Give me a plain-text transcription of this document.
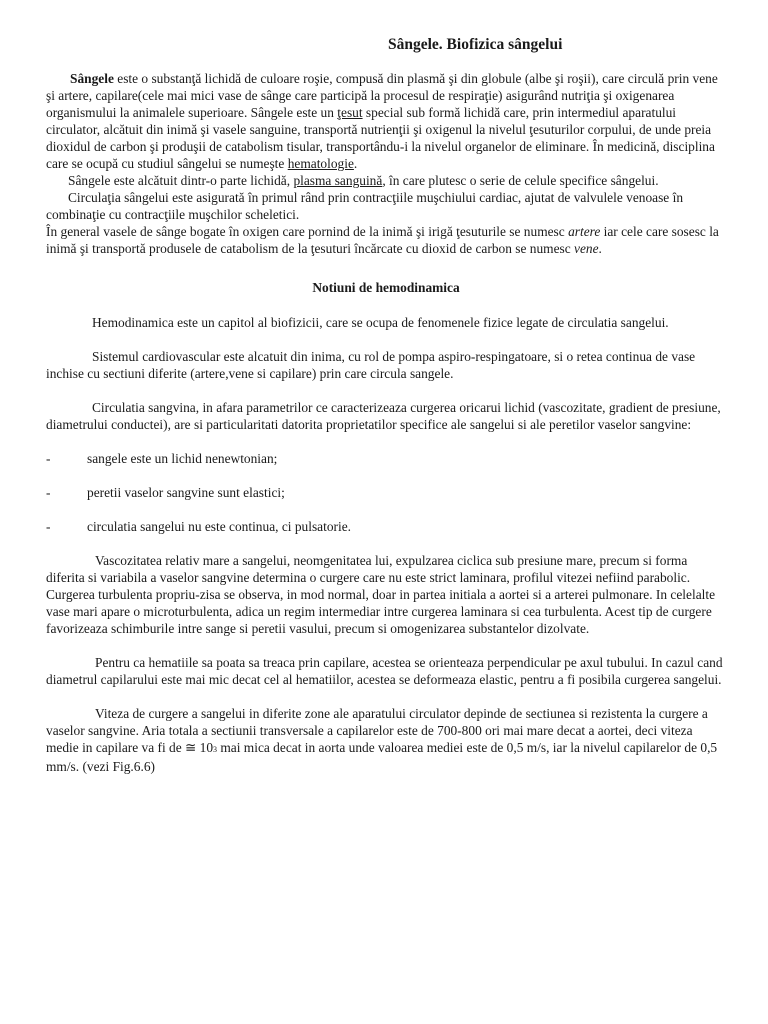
Sângele. Biofizica sângelui

Sângele este o substanţă lichidă de culoare roşie, compusă din plasmă şi din globule (albe şi roşii), care circulă prin vene şi artere, capilare(cele mai mici vase de sânge care participă la procesul de respiraţie) asigurând nutriţia şi oxigenarea organismului la animalele superioare. Sângele este un ţesut special sub formă lichidă care, prin intermediul aparatului circulator, alcătuit din inimă şi vasele sanguine, transportă nutrienţii şi oxigenul la nivelul ţesuturilor corpului, de unde preia dioxidul de carbon şi produşii de catabolism tisular, transportându-i la nivelul organelor de eliminare. În medicină, disciplina care se ocupă cu studiul sângelui se numeşte hematologie.

Sângele este alcătuit dintr-o parte lichidă, plasma sanguină, în care plutesc o serie de celule specifice sângelui.

Circulaţia sângelui este asigurată în primul rând prin contracţiile muşchiului cardiac, ajutat de valvulele venoase în combinaţie cu contracţiile muşchilor scheletici.

În general vasele de sânge bogate în oxigen care pornind de la inimă şi irigă ţesuturile se numesc artere iar cele care sosesc la inimă şi transportă produsele de catabolism de la ţesuturi încărcate cu dioxid de carbon se numesc vene.

Notiuni de hemodinamica

Hemodinamica este un capitol al biofizicii, care se ocupa de fenomenele fizice legate de circulatia sangelui.

Sistemul cardiovascular este alcatuit din inima, cu rol de pompa aspiro-respingatoare, si o retea continua de vase inchise cu sectiuni diferite (artere,vene si capilare) prin care circula sangele.

Circulatia sangvina, in afara parametrilor ce caracterizeaza curgerea oricarui lichid (vascozitate, gradient de presiune, diametrului conductei), are si particularitati datorita proprietatilor specifice ale sangelui si ale peretilor vaselor sangvine:

-	sangele este un lichid nenewtonian;
-	peretii vaselor sangvine sunt elastici;
-	circulatia sangelui nu este continua, ci pulsatorie.

Vascozitatea relativ mare a sangelui, neomgenitatea lui, expulzarea ciclica sub presiune mare, precum si forma diferita si variabila a vaselor sangvine determina o curgere care nu este strict laminara, profilul vitezei nefiind parabolic. Curgerea turbulenta propriu-zisa se observa, in mod normal, doar in partea initiala a aortei si a arterei pulmonare. In celelalte vase mari apare o microturbulenta, adica un regim intermediar intre curgerea laminara si cea turbulenta. Acest tip de curgere favorizeaza schimburile intre sange si peretii vasului, precum si omogenizarea substantelor dizolvate.

Pentru ca hematiile sa poata sa treaca prin capilare, acestea se orienteaza perpendicular pe axul tubului. In cazul cand diametrul capilarului este mai mic decat cel al hematiilor, acestea se deformeaza elastic, pentru a fi posibila curgerea sangelui.

Viteza de curgere a sangelui in diferite zone ale aparatului circulator depinde de sectiunea si rezistenta la curgere a vaselor sangvine. Aria totala a sectiunii transversale a capilarelor este de 700-800 ori mai mare decat a aortei, deci viteza medie in capilare va fi de ≅ 103 mai mica decat in aorta unde valoarea mediei este de 0,5 m/s, iar la nivelul capilarelor de 0,5 mm/s. (vezi Fig.6.6)
